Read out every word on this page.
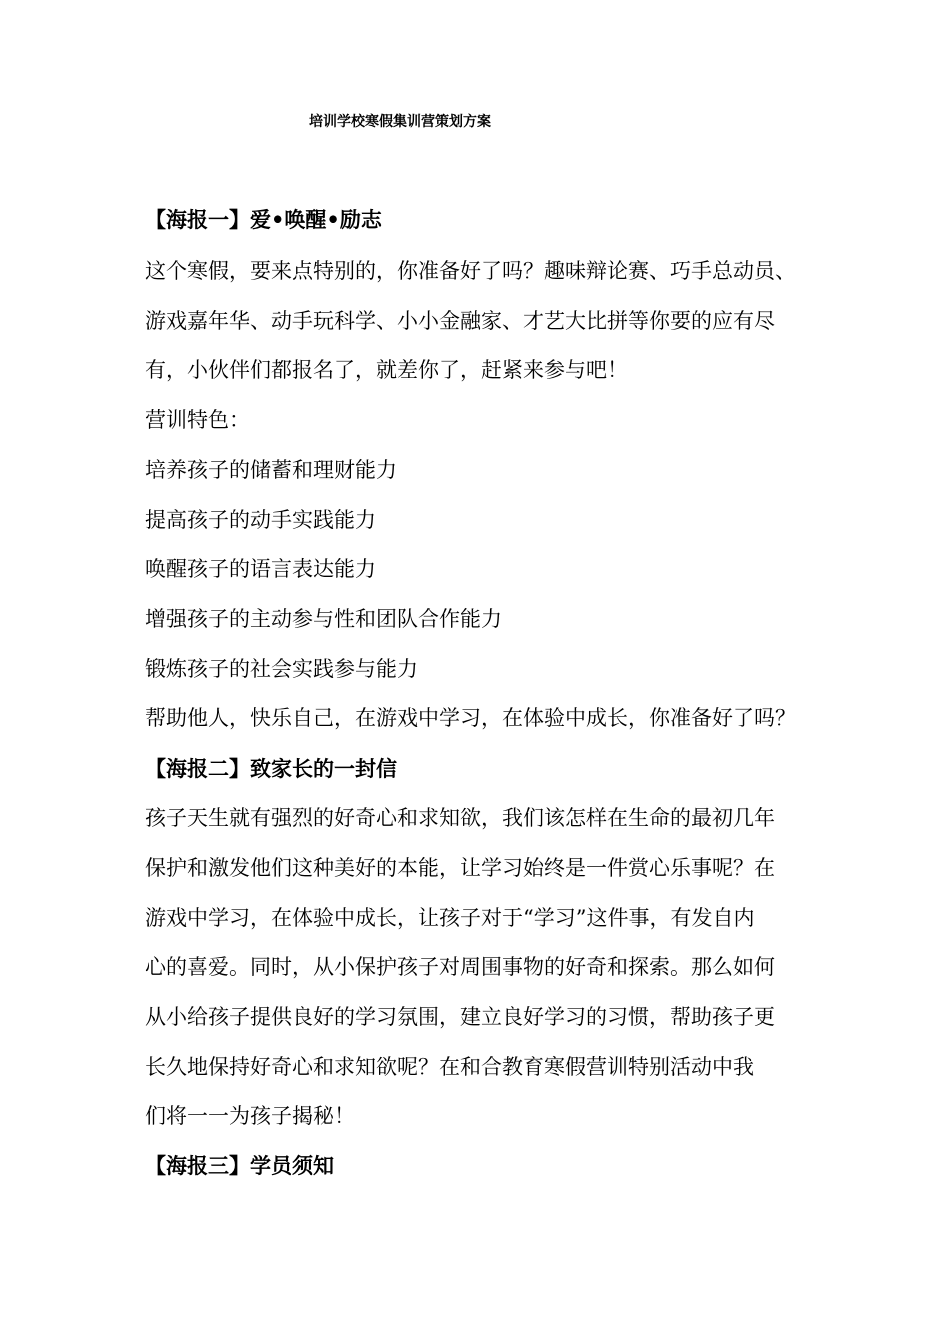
培训学校寒假集训营策划方案
【海报一】爱•唤醒•励志
这个寒假，要来点特别的，你准备好了吗？趣味辩论赛、巧手总动员、
游戏嘉年华、动手玩科学、小小金融家、才艺大比拼等你要的应有尽
有，小伙伴们都报名了，就差你了，赶紧来参与吧！
营训特色：
培养孩子的储蓄和理财能力
提高孩子的动手实践能力
唤醒孩子的语言表达能力
增强孩子的主动参与性和团队合作能力
锻炼孩子的社会实践参与能力
帮助他人，快乐自己，在游戏中学习，在体验中成长，你准备好了吗？
【海报二】致家长的一封信
孩子天生就有强烈的好奇心和求知欲，我们该怎样在生命的最初几年
保护和激发他们这种美好的本能，让学习始终是一件赏心乐事呢？在
游戏中学习，在体验中成长，让孩子对于“学习”这件事，有发自内
心的喜爱。同时，从小保护孩子对周围事物的好奇和探索。那么如何
从小给孩子提供良好的学习氛围，建立良好学习的习惯，帮助孩子更
长久地保持好奇心和求知欲呢？在和合教育寒假营训特别活动中我
们将一一为孩子揭秘！
【海报三】学员须知
